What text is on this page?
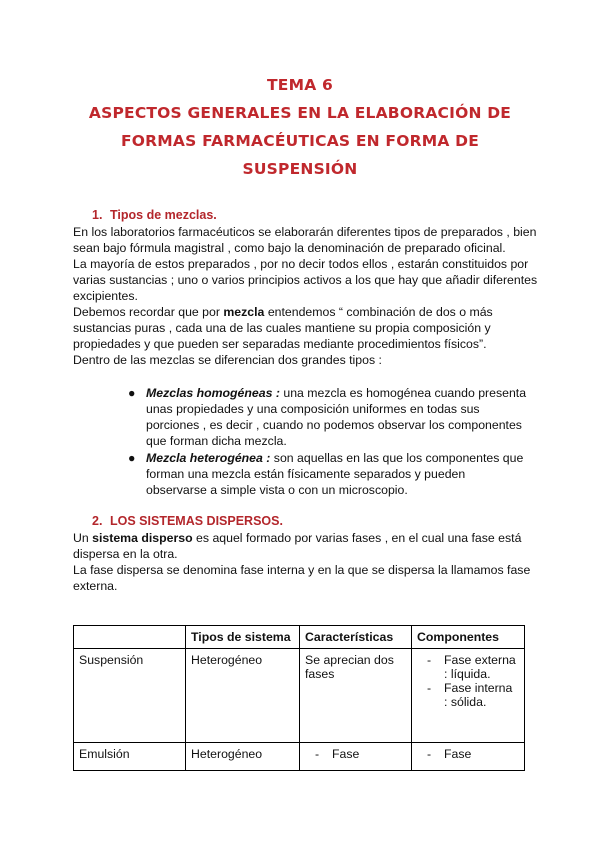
TEMA 6
ASPECTOS GENERALES EN LA ELABORACIÓN DE
FORMAS FARMACÉUTICAS EN FORMA DE
SUSPENSIÓN
1. Tipos de mezclas.

En los laboratorios farmacéuticos se elaborarán diferentes tipos de preparados , bien sean bajo fórmula magistral , como bajo la denominación de preparado oficinal.

La mayoría de estos preparados , por no decir todos ellos , estarán constituidos por varias sustancias ; uno o varios principios activos a los que hay que añadir diferentes excipientes.

Debemos recordar que por mezcla entendemos “ combinación de dos o más sustancias puras , cada una de las cuales mantiene su propia composición y propiedades y que pueden ser separadas mediante procedimientos físicos”.

Dentro de las mezclas se diferencian dos grandes tipos :

● Mezclas homogéneas : una mezcla es homogénea cuando presenta unas propiedades y una composición uniformes en todas sus porciones , es decir , cuando no podemos observar los componentes que forman dicha mezcla.
● Mezcla heterogénea : son aquellas en las que los componentes que forman una mezcla están físicamente separados y pueden observarse a simple vista o con un microscopio.
2. LOS SISTEMAS DISPERSOS.

Un sistema disperso es aquel formado por varias fases , en el cual una fase está dispersa en la otra.

La fase dispersa se denomina fase interna y en la que se dispersa la llamamos fase externa.

	Tipos de sistema	Características	Componentes
Suspensión	Heterogéneo	Se aprecian dos fases	- Fase externa : líquida.
- Fase interna : sólida.

Emulsión	Heterogéneo	- Fase	- Fase
